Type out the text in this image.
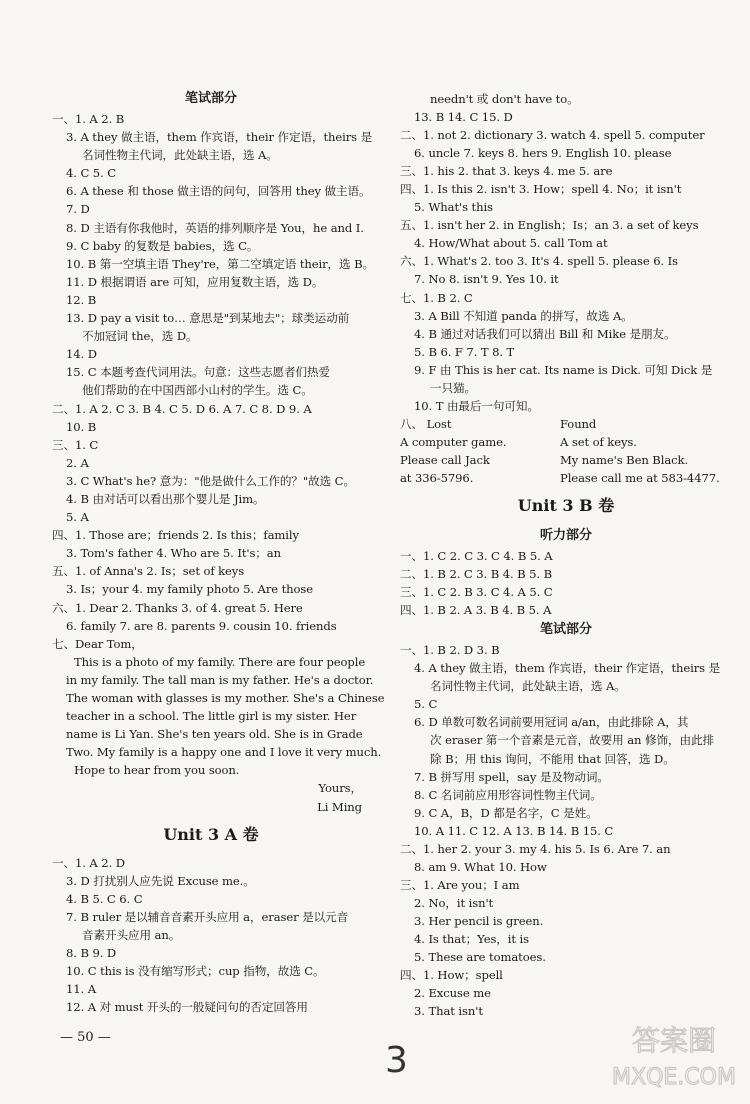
笔试部分
一、1. A 2. B
3. A they 做主语，them 作宾语，their 作定语，theirs 是
名词性物主代词，此处缺主语，选 A。
4. C 5. C
6. A these 和 those 做主语的问句，回答用 they 做主语。
7. D
8. D 主语有你我他时，英语的排列顺序是 You，he and I.
9. C baby 的复数是 babies，选 C。
10. B 第一空填主语 They're，第二空填定语 their，选 B。
11. D 根据谓语 are 可知，应用复数主语，选 D。
12. B
13. D pay a visit to… 意思是"到某地去"；球类运动前
不加冠词 the，选 D。
14. D
15. C 本题考查代词用法。句意：这些志愿者们热爱
他们帮助的在中国西部小山村的学生。选 C。
二、1. A 2. C 3. B 4. C 5. D 6. A 7. C 8. D 9. A
10. B
三、1. C
2. A
3. C What's he? 意为："他是做什么工作的？"故选 C。
4. B 由对话可以看出那个婴儿是 Jim。
5. A
四、1. Those are；friends 2. Is this；family
3. Tom's father 4. Who are 5. It's；an
五、1. of Anna's 2. Is；set of keys
3. Is；your 4. my family photo 5. Are those
六、1. Dear 2. Thanks 3. of 4. great 5. Here
6. family 7. are 8. parents 9. cousin 10. friends
七、Dear Tom，
This is a photo of my family. There are four people
in my family. The tall man is my father. He's a doctor.
The woman with glasses is my mother. She's a Chinese
teacher in a school. The little girl is my sister. Her
name is Li Yan. She's ten years old. She is in Grade
Two. My family is a happy one and I love it very much.
Hope to hear from you soon.
Yours，
Li Ming
Unit 3 A 卷
一、1. A 2. D
3. D 打扰别人应先说 Excuse me.。
4. B 5. C 6. C
7. B ruler 是以辅音音素开头应用 a，eraser 是以元音
音素开头应用 an。
8. B 9. D
10. C this is 没有缩写形式；cup 指物，故选 C。
11. A
12. A 对 must 开头的一般疑问句的否定回答用
needn't 或 don't have to。
13. B 14. C 15. D
二、1. not 2. dictionary 3. watch 4. spell 5. computer
6. uncle 7. keys 8. hers 9. English 10. please
三、1. his 2. that 3. keys 4. me 5. are
四、1. Is this 2. isn't 3. How；spell 4. No；it isn't
5. What's this
五、1. isn't her 2. in English；Is；an 3. a set of keys
4. How/What about 5. call Tom at
六、1. What's 2. too 3. It's 4. spell 5. please 6. Is
7. No 8. isn't 9. Yes 10. it
七、1. B 2. C
3. A Bill 不知道 panda 的拼写，故选 A。
4. B 通过对话我们可以猜出 Bill 和 Mike 是朋友。
5. B 6. F 7. T 8. T
9. F 由 This is her cat. Its name is Dick. 可知 Dick 是
一只猫。
10. T 由最后一句可知。
八、 Lost	Found
A computer game.	A set of keys.
Please call Jack	My name's Ben Black.
at 336-5796.	Please call me at 583-4477.
Unit 3 B 卷
听力部分
一、1. C 2. C 3. C 4. B 5. A
二、1. B 2. C 3. B 4. B 5. B
三、1. C 2. B 3. C 4. A 5. C
四、1. B 2. A 3. B 4. B 5. A
笔试部分
一、1. B 2. D 3. B
4. A they 做主语，them 作宾语，their 作定语，theirs 是
名词性物主代词，此处缺主语，选 A。
5. C
6. D 单数可数名词前要用冠词 a/an，由此排除 A，其
次 eraser 第一个音素是元音，故要用 an 修饰，由此排
除 B；用 this 询问，不能用 that 回答，选 D。
7. B 拼写用 spell，say 是及物动词。
8. C 名词前应用形容词性物主代词。
9. C A，B，D 都是名字，C 是姓。
10. A 11. C 12. A 13. B 14. B 15. C
二、1. her 2. your 3. my 4. his 5. Is 6. Are 7. an
8. am 9. What 10. How
三、1. Are you；I am
2. No，it isn't
3. Her pencil is green.
4. Is that；Yes，it is
5. These are tomatoes.
四、1. How；spell
2. Excuse me
3. That isn't
— 50 —
3	答案圈
MXQE.COM
